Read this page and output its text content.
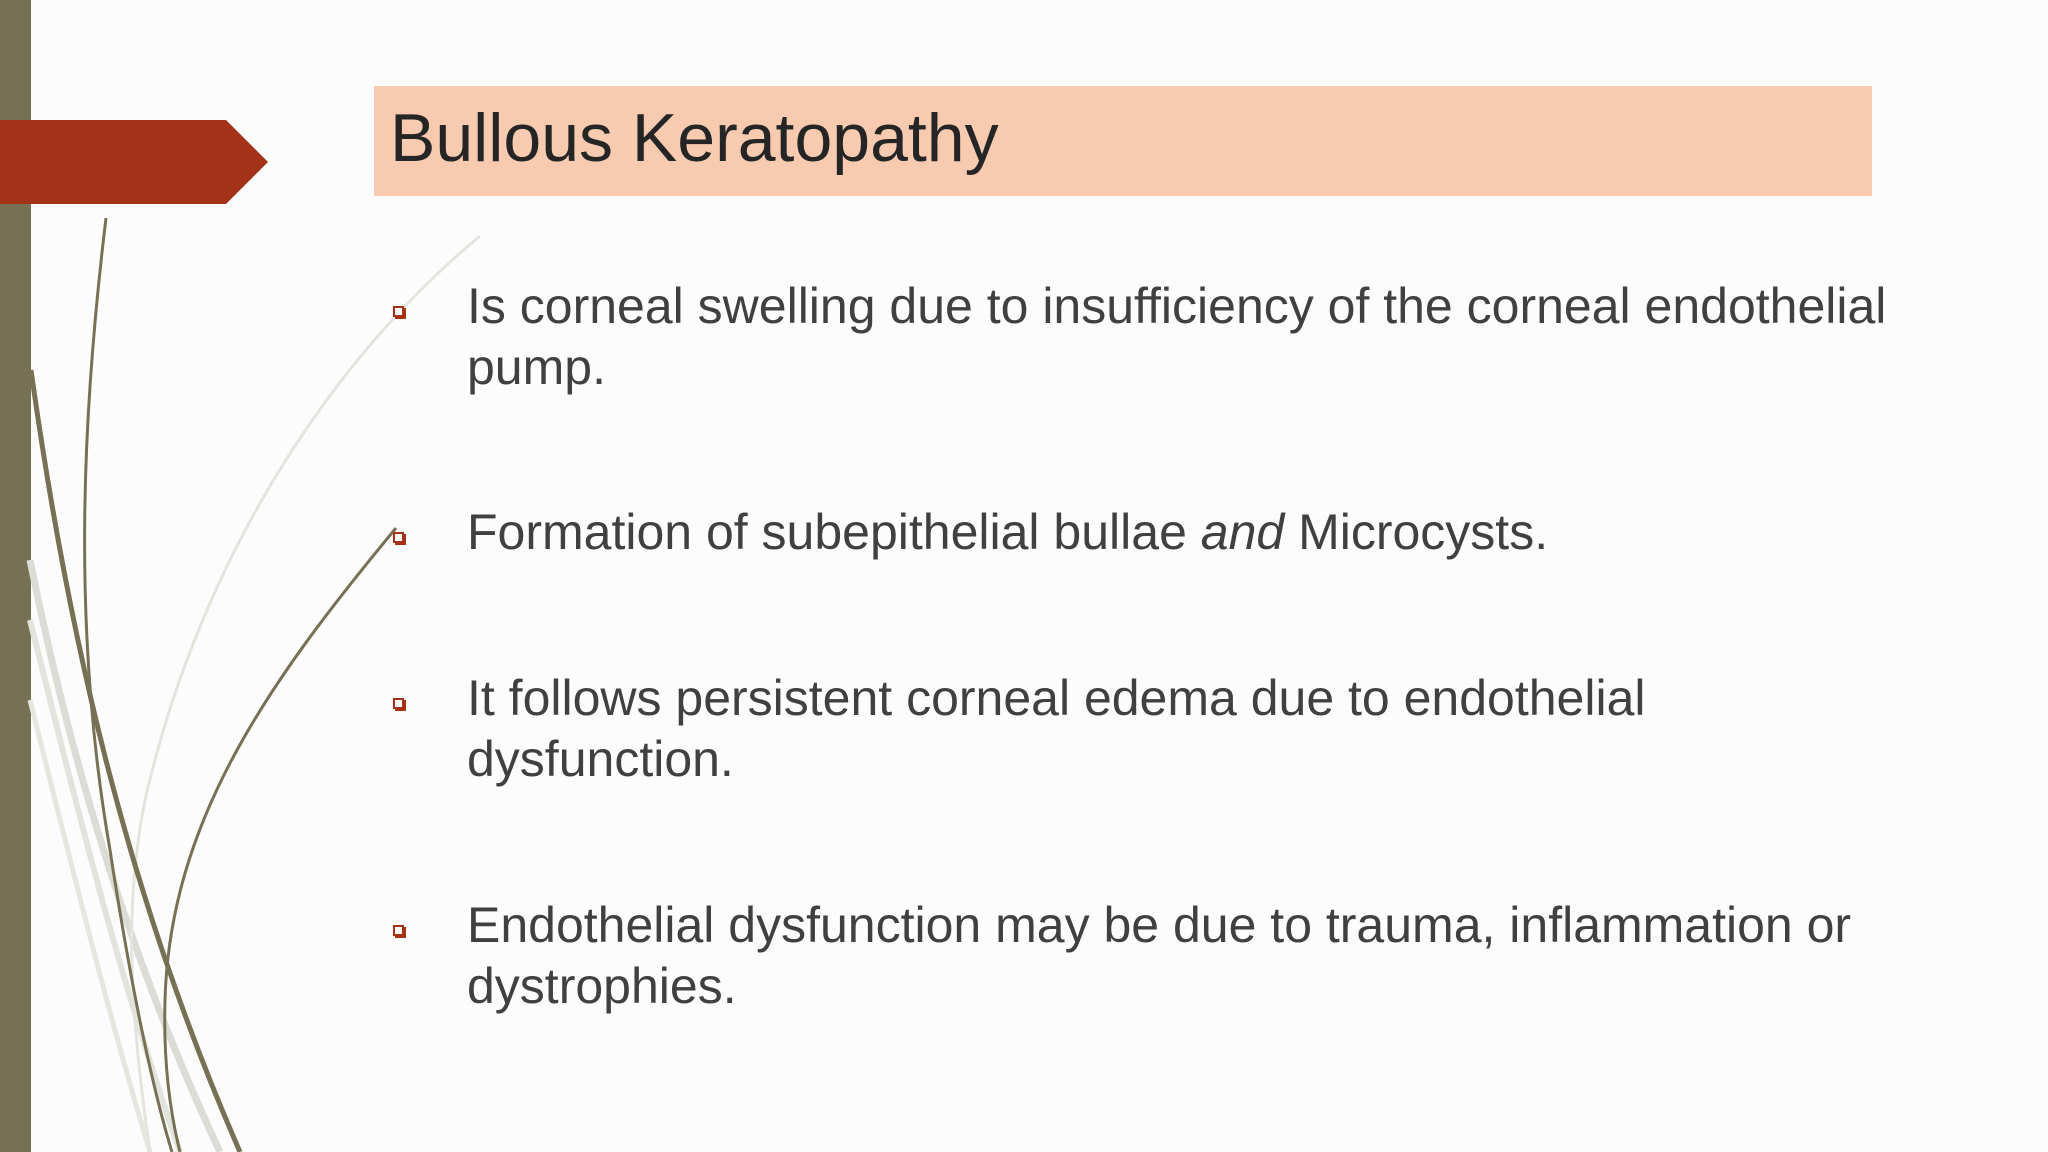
Bullous Keratopathy
Is corneal swelling due to insufficiency of the corneal endothelial pump.
Formation of subepithelial bullae and Microcysts.
It follows persistent corneal edema due to endothelial dysfunction.
Endothelial dysfunction may be due to trauma, inflammation or dystrophies.
